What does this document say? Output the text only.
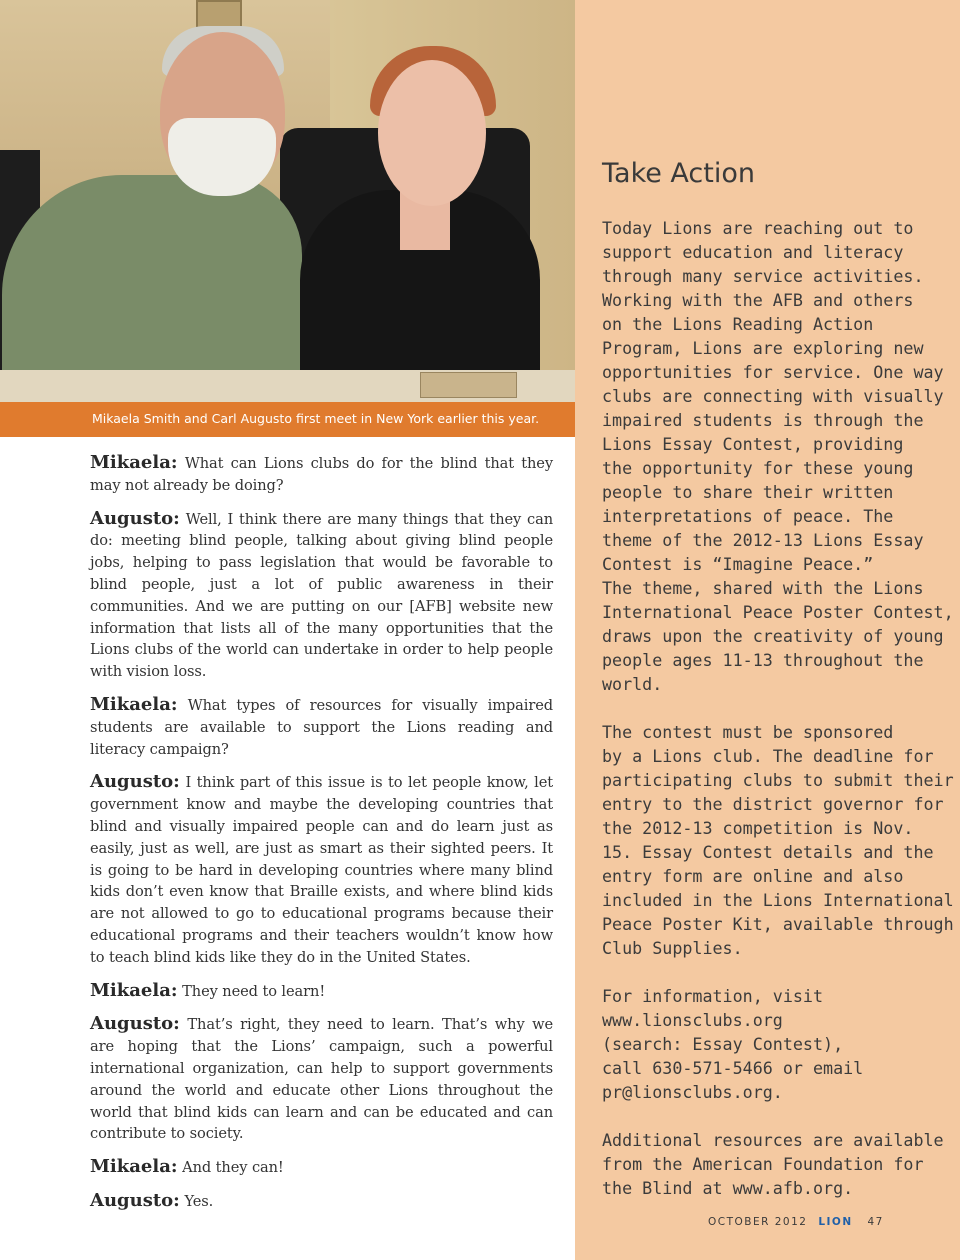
Mikaela Smith and Carl Augusto first meet in New York earlier this year.

Mikaela: What can Lions clubs do for the blind that they may not already be doing?

Augusto: Well, I think there are many things that they can do: meeting blind people, talking about giving blind people jobs, helping to pass legislation that would be favorable to blind people, just a lot of public awareness in their communities. And we are putting on our [AFB] website new information that lists all of the many opportunities that the Lions clubs of the world can undertake in order to help people with vision loss.

Mikaela: What types of resources for visually impaired students are available to support the Lions reading and literacy campaign?

Augusto: I think part of this issue is to let people know, let government know and maybe the developing countries that blind and visually impaired people can and do learn just as easily, just as well, are just as smart as their sighted peers. It is going to be hard in developing countries where many blind kids don’t even know that Braille exists, and where blind kids are not allowed to go to educational programs because their educational programs and their teachers wouldn’t know how to teach blind kids like they do in the United States.

Mikaela: They need to learn!

Augusto: That’s right, they need to learn. That’s why we are hoping that the Lions’ campaign, such a powerful international organization, can help to support governments around the world and educate other Lions throughout the world that blind kids can learn and can be educated and can contribute to society.

Mikaela: And they can!

Augusto: Yes.

Take Action

Today Lions are reaching out to
support education and literacy
through many service activities.
Working with the AFB and others
on the Lions Reading Action
Program, Lions are exploring new
opportunities for service. One way
clubs are connecting with visually
impaired students is through the
Lions Essay Contest, providing
the opportunity for these young
people to share their written
interpretations of peace. The
theme of the 2012-13 Lions Essay
Contest is “Imagine Peace.”
The theme, shared with the Lions
International Peace Poster Contest,
draws upon the creativity of young
people ages 11-13 throughout the
world.

The contest must be sponsored
by a Lions club. The deadline for
participating clubs to submit their
entry to the district governor for
the 2012-13 competition is Nov.
15. Essay Contest details and the
entry form are online and also
included in the Lions International
Peace Poster Kit, available through
Club Supplies.

For information, visit
www.lionsclubs.org
(search: Essay Contest),
call 630-571-5466 or email
pr@lionsclubs.org.

Additional resources are available
from the American Foundation for
the Blind at www.afb.org.

OCTOBER 2012 LION 47
